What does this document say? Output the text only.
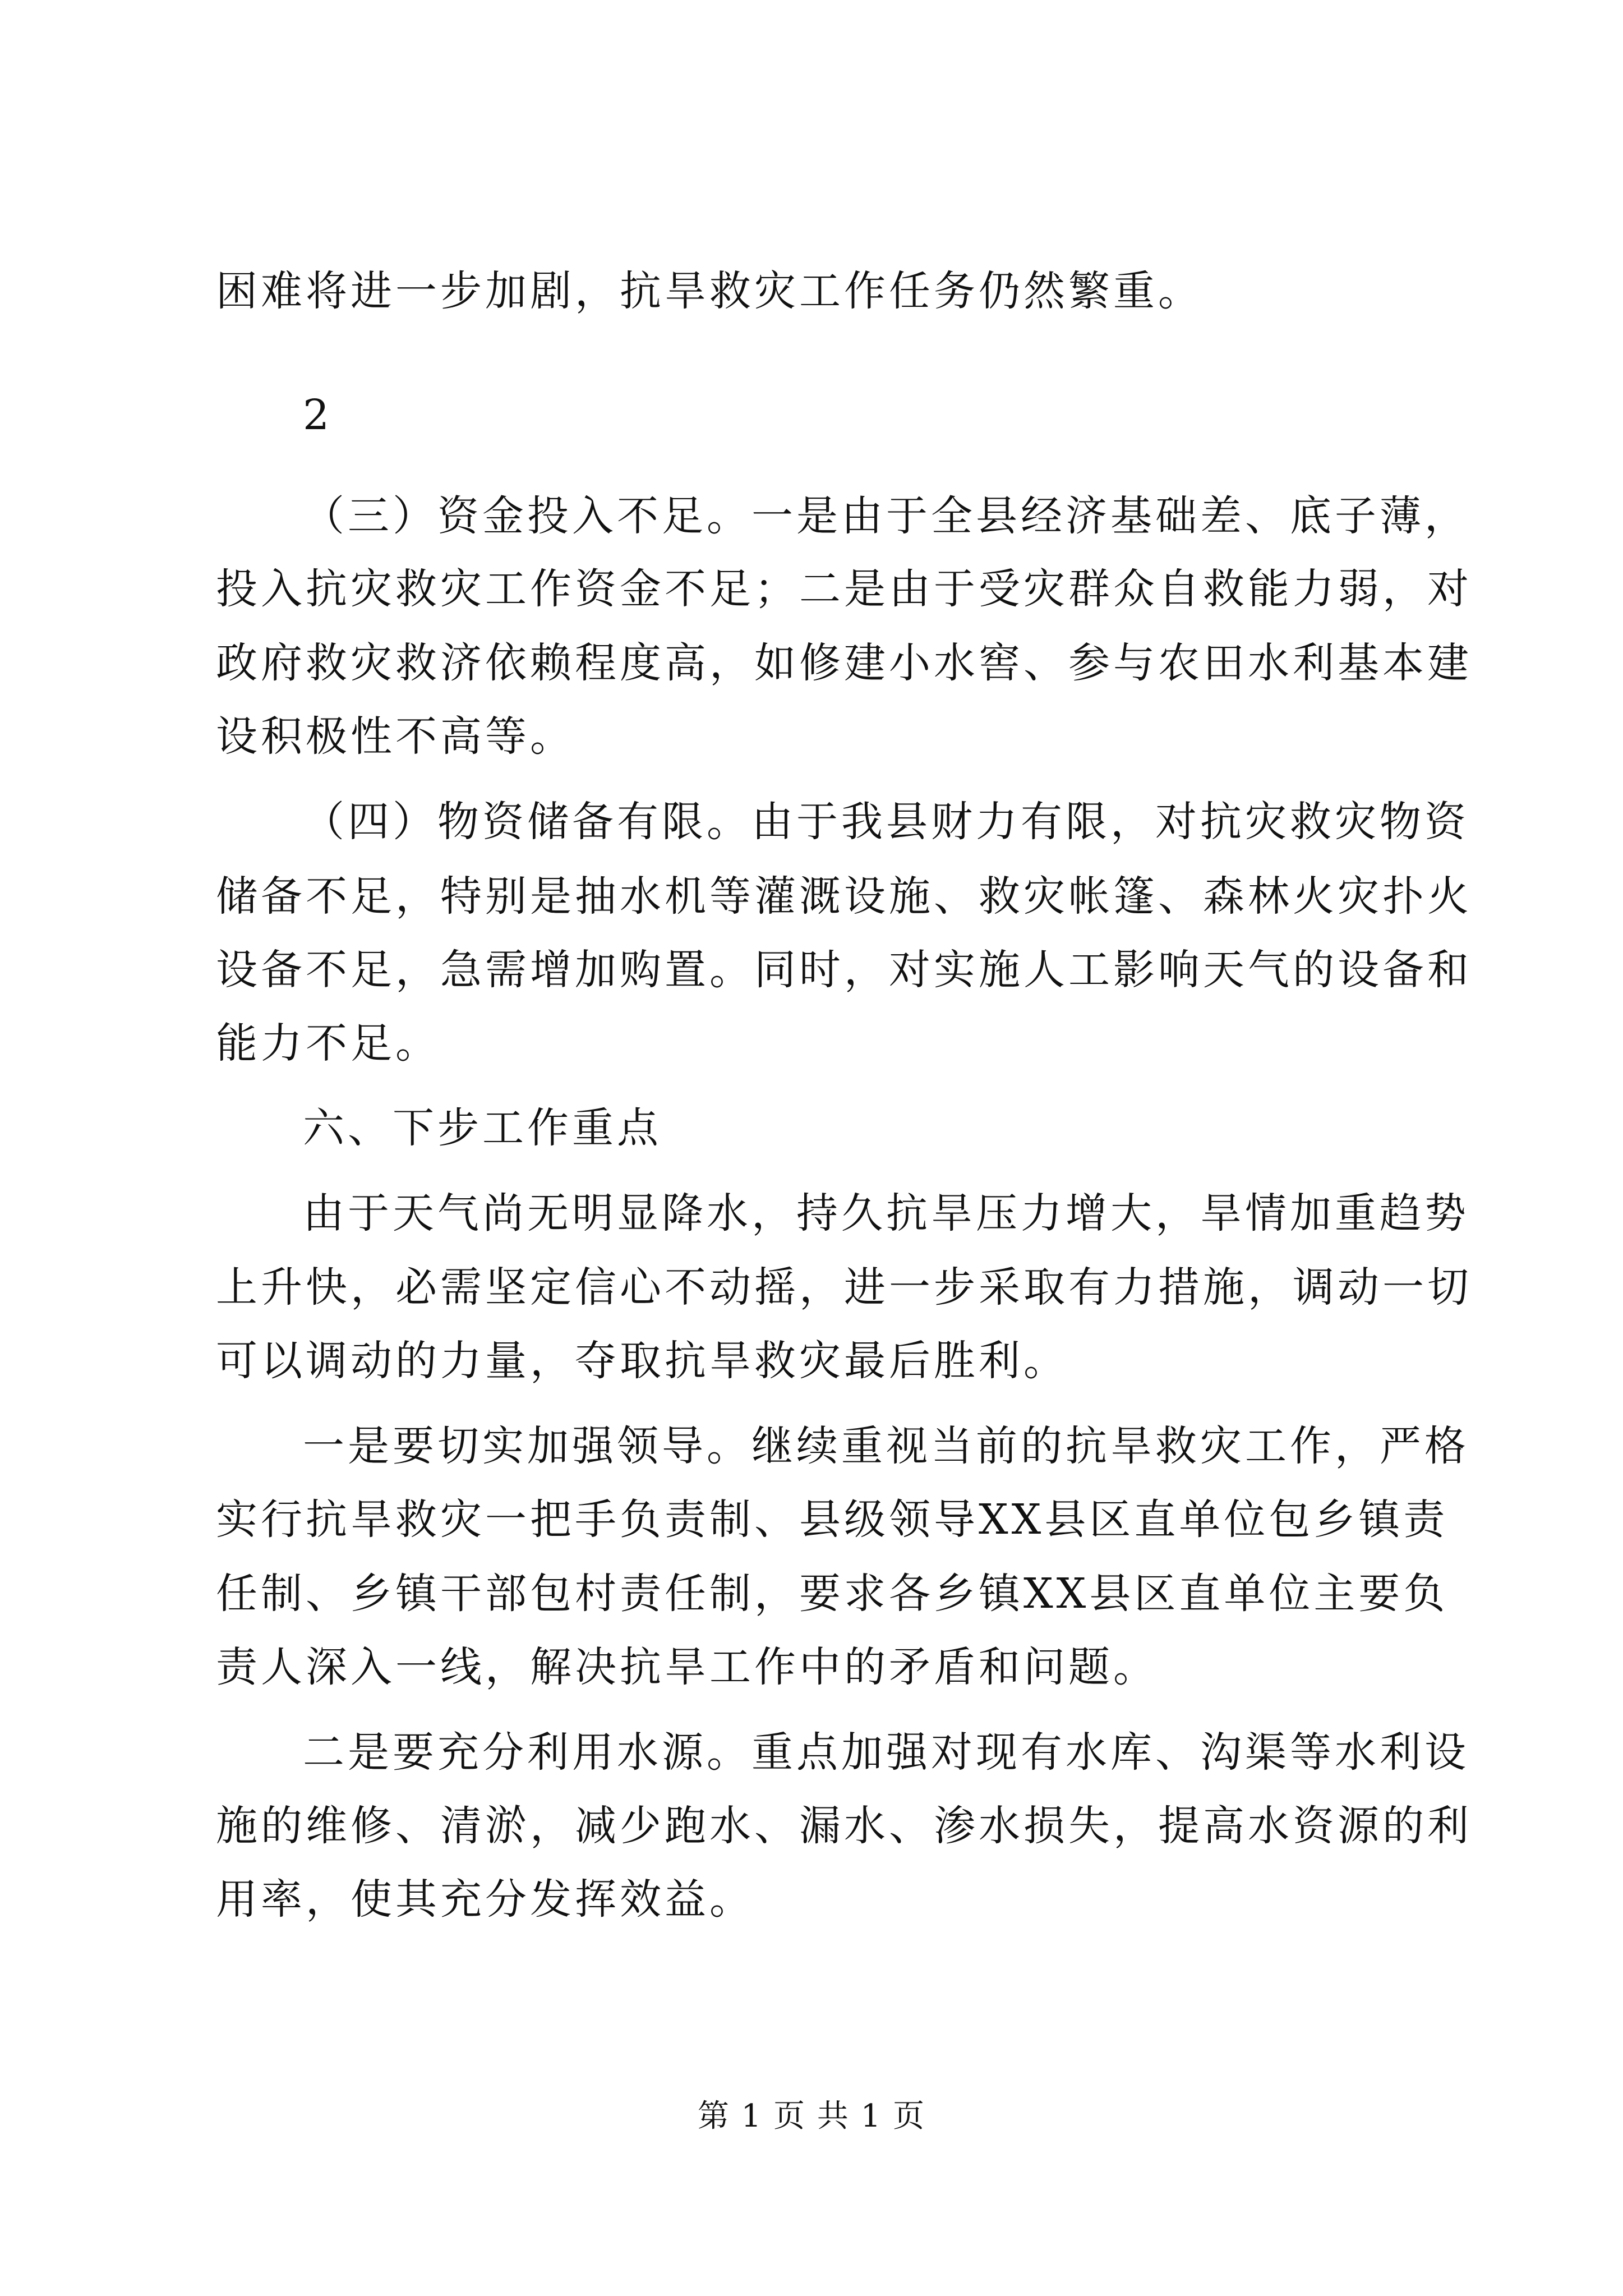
困难将进一步加剧，抗旱救灾工作任务仍然繁重。
2
（三）资金投入不足。一是由于全县经济基础差、底子薄，
投入抗灾救灾工作资金不足；二是由于受灾群众自救能力弱，对
政府救灾救济依赖程度高，如修建小水窖、参与农田水利基本建
设积极性不高等。
（四）物资储备有限。由于我县财力有限，对抗灾救灾物资
储备不足，特别是抽水机等灌溉设施、救灾帐篷、森林火灾扑火
设备不足，急需增加购置。同时，对实施人工影响天气的设备和
能力不足。
六、下步工作重点
由于天气尚无明显降水，持久抗旱压力增大，旱情加重趋势
上升快，必需坚定信心不动摇，进一步采取有力措施，调动一切
可以调动的力量，夺取抗旱救灾最后胜利。
一是要切实加强领导。继续重视当前的抗旱救灾工作，严格
实行抗旱救灾一把手负责制、县级领导XX县区直单位包乡镇责
任制、乡镇干部包村责任制，要求各乡镇XX县区直单位主要负
责人深入一线，解决抗旱工作中的矛盾和问题。
二是要充分利用水源。重点加强对现有水库、沟渠等水利设
施的维修、清淤，减少跑水、漏水、渗水损失，提高水资源的利
用率，使其充分发挥效益。
第 1 页 共 1 页
